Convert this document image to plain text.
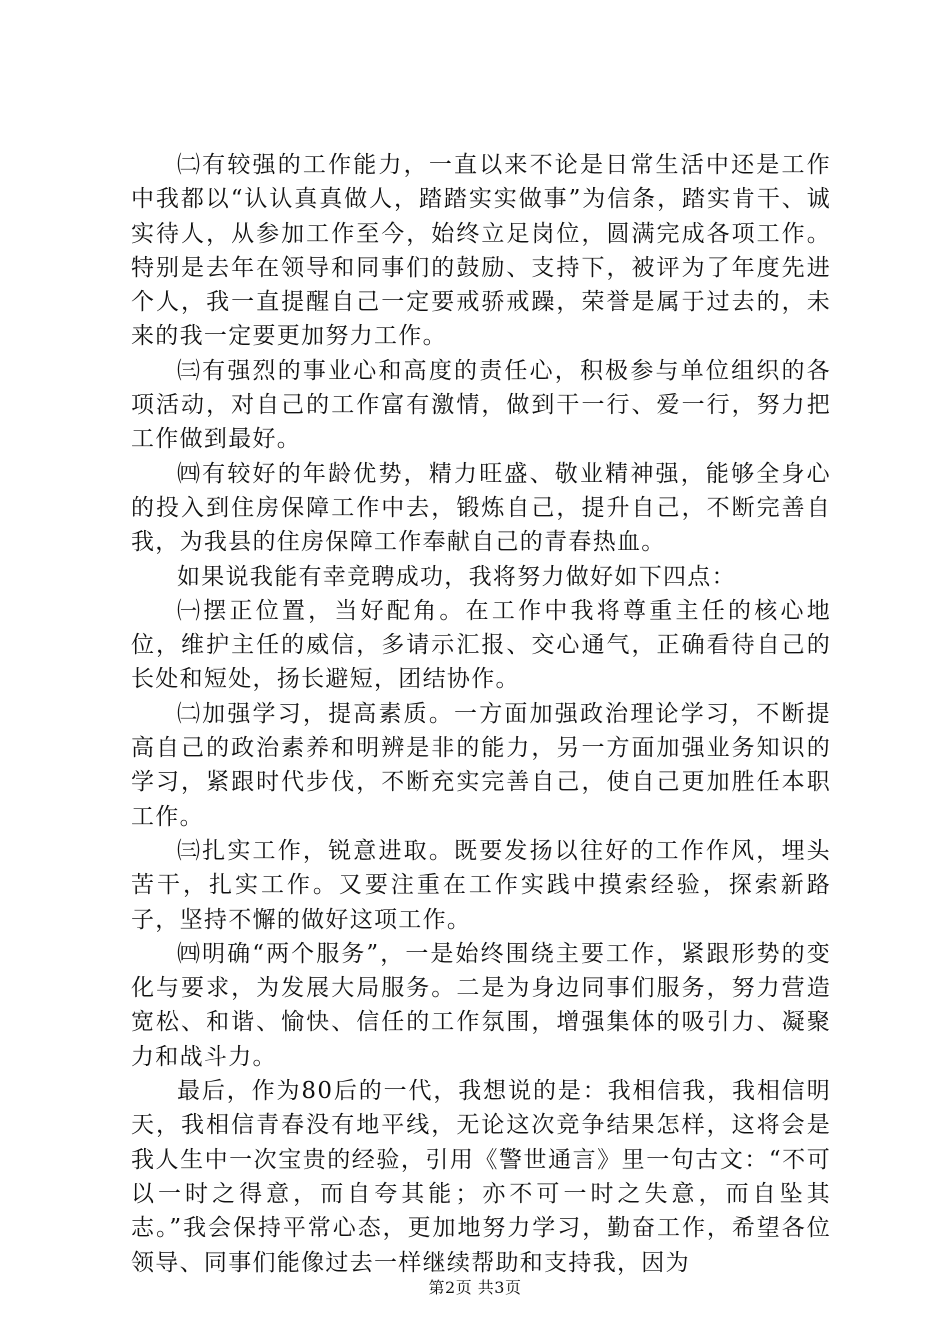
㈡有较强的工作能力，一直以来不论是日常生活中还是工作中我都以“认认真真做人，踏踏实实做事”为信条，踏实肯干、诚实待人，从参加工作至今，始终立足岗位，圆满完成各项工作。特别是去年在领导和同事们的鼓励、支持下，被评为了年度先进个人，我一直提醒自己一定要戒骄戒躁，荣誉是属于过去的，未来的我一定要更加努力工作。

㈢有强烈的事业心和高度的责任心，积极参与单位组织的各项活动，对自己的工作富有激情，做到干一行、爱一行，努力把工作做到最好。

㈣有较好的年龄优势，精力旺盛、敬业精神强，能够全身心的投入到住房保障工作中去，锻炼自己，提升自己，不断完善自我，为我县的住房保障工作奉献自己的青春热血。

如果说我能有幸竞聘成功，我将努力做好如下四点：

㈠摆正位置，当好配角。在工作中我将尊重主任的核心地位，维护主任的威信，多请示汇报、交心通气，正确看待自己的长处和短处，扬长避短，团结协作。

㈡加强学习，提高素质。一方面加强政治理论学习，不断提高自己的政治素养和明辨是非的能力，另一方面加强业务知识的学习，紧跟时代步伐，不断充实完善自己，使自己更加胜任本职工作。

㈢扎实工作，锐意进取。既要发扬以往好的工作作风，埋头苦干，扎实工作。又要注重在工作实践中摸索经验，探索新路子，坚持不懈的做好这项工作。

㈣明确“两个服务”，一是始终围绕主要工作，紧跟形势的变化与要求，为发展大局服务。二是为身边同事们服务，努力营造宽松、和谐、愉快、信任的工作氛围，增强集体的吸引力、凝聚力和战斗力。

最后，作为80后的一代，我想说的是：我相信我，我相信明天，我相信青春没有地平线，无论这次竞争结果怎样，这将会是我人生中一次宝贵的经验，引用《警世通言》里一句古文：“不可以一时之得意，而自夸其能；亦不可一时之失意，而自坠其志。”我会保持平常心态，更加地努力学习，勤奋工作，希望各位领导、同事们能像过去一样继续帮助和支持我，因为

第2页 共3页
